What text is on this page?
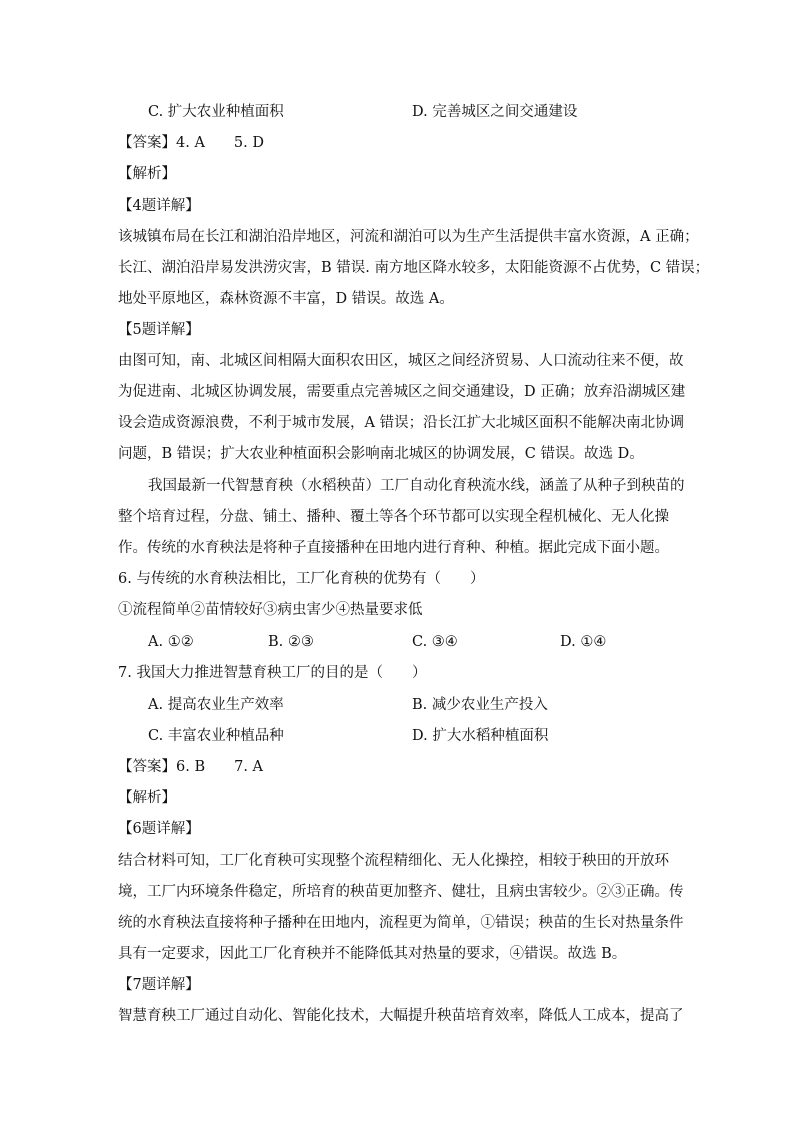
C. 扩大农业种植面积	D. 完善城区之间交通建设
【答案】4. A　　5. D
【解析】
【4题详解】
该城镇布局在长江和湖泊沿岸地区，河流和湖泊可以为生产生活提供丰富水资源，A 正确；
长江、湖泊沿岸易发洪涝灾害，B 错误. 南方地区降水较多，太阳能资源不占优势，C 错误；
地处平原地区，森林资源不丰富，D 错误。故选 A。
【5题详解】
由图可知，南、北城区间相隔大面积农田区，城区之间经济贸易、人口流动往来不便，故
为促进南、北城区协调发展，需要重点完善城区之间交通建设，D 正确；放弃沿湖城区建
设会造成资源浪费，不利于城市发展，A 错误；沿长江扩大北城区面积不能解决南北协调
问题，B 错误；扩大农业种植面积会影响南北城区的协调发展，C 错误。故选 D。
我国最新一代智慧育秧（水稻秧苗）工厂自动化育秧流水线，涵盖了从种子到秧苗的
整个培育过程，分盘、铺土、播种、覆土等各个环节都可以实现全程机械化、无人化操
作。传统的水育秧法是将种子直接播种在田地内进行育种、种植。据此完成下面小题。
6. 与传统的水育秧法相比，工厂化育秧的优势有（　　）
①流程简单②苗情较好③病虫害少④热量要求低
A. ①②	B. ②③	C. ③④	D. ①④
7. 我国大力推进智慧育秧工厂的目的是（　　）
A. 提高农业生产效率	B. 减少农业生产投入
C. 丰富农业种植品种	D. 扩大水稻种植面积
【答案】6. B　　7. A
【解析】
【6题详解】
结合材料可知，工厂化育秧可实现整个流程精细化、无人化操控，相较于秧田的开放环
境，工厂内环境条件稳定，所培育的秧苗更加整齐、健壮，且病虫害较少。②③正确。传
统的水育秧法直接将种子播种在田地内，流程更为简单，①错误；秧苗的生长对热量条件
具有一定要求，因此工厂化育秧并不能降低其对热量的要求，④错误。故选 B。
【7题详解】
智慧育秧工厂通过自动化、智能化技术，大幅提升秧苗培育效率，降低人工成本，提高了
